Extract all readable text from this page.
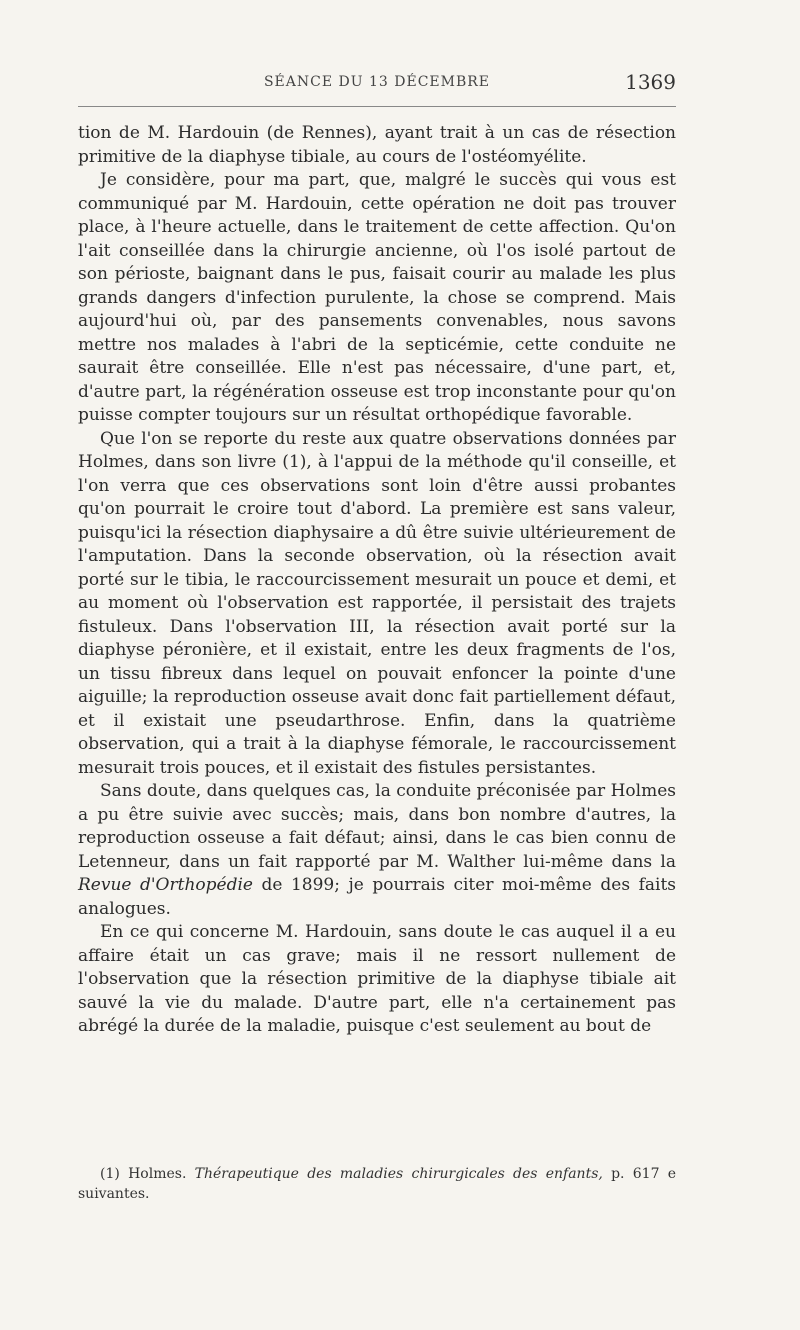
SÉANCE DU 13 DÉCEMBRE	1369

tion de M. Hardouin (de Rennes), ayant trait à un cas de résection primitive de la diaphyse tibiale, au cours de l'ostéomyélite.

Je considère, pour ma part, que, malgré le succès qui vous est communiqué par M. Hardouin, cette opération ne doit pas trouver place, à l'heure actuelle, dans le traitement de cette affection. Qu'on l'ait conseillée dans la chirurgie ancienne, où l'os isolé partout de son périoste, baignant dans le pus, faisait courir au malade les plus grands dangers d'infection purulente, la chose se comprend. Mais aujourd'hui où, par des pansements convenables, nous savons mettre nos malades à l'abri de la septicémie, cette conduite ne saurait être conseillée. Elle n'est pas nécessaire, d'une part, et, d'autre part, la régénération osseuse est trop inconstante pour qu'on puisse compter toujours sur un résultat orthopédique favorable.

Que l'on se reporte du reste aux quatre observations données par Holmes, dans son livre (1), à l'appui de la méthode qu'il conseille, et l'on verra que ces observations sont loin d'être aussi probantes qu'on pourrait le croire tout d'abord. La première est sans valeur, puisqu'ici la résection diaphysaire a dû être suivie ultérieurement de l'amputation. Dans la seconde observation, où la résection avait porté sur le tibia, le raccourcissement mesurait un pouce et demi, et au moment où l'observation est rapportée, il persistait des trajets fistuleux. Dans l'observation III, la résection avait porté sur la diaphyse péronière, et il existait, entre les deux fragments de l'os, un tissu fibreux dans lequel on pouvait enfoncer la pointe d'une aiguille; la reproduction osseuse avait donc fait partiellement défaut, et il existait une pseudarthrose. Enfin, dans la quatrième observation, qui a trait à la diaphyse fémorale, le raccourcissement mesurait trois pouces, et il existait des fistules persistantes.

Sans doute, dans quelques cas, la conduite préconisée par Holmes a pu être suivie avec succès; mais, dans bon nombre d'autres, la reproduction osseuse a fait défaut; ainsi, dans le cas bien connu de Letenneur, dans un fait rapporté par M. Walther lui-même dans la Revue d'Orthopédie de 1899; je pourrais citer moi-même des faits analogues.

En ce qui concerne M. Hardouin, sans doute le cas auquel il a eu affaire était un cas grave; mais il ne ressort nullement de l'observation que la résection primitive de la diaphyse tibiale ait sauvé la vie du malade. D'autre part, elle n'a certainement pas abrégé la durée de la maladie, puisque c'est seulement au bout de

(1) Holmes. Thérapeutique des maladies chirurgicales des enfants, p. 617 e suivantes.
